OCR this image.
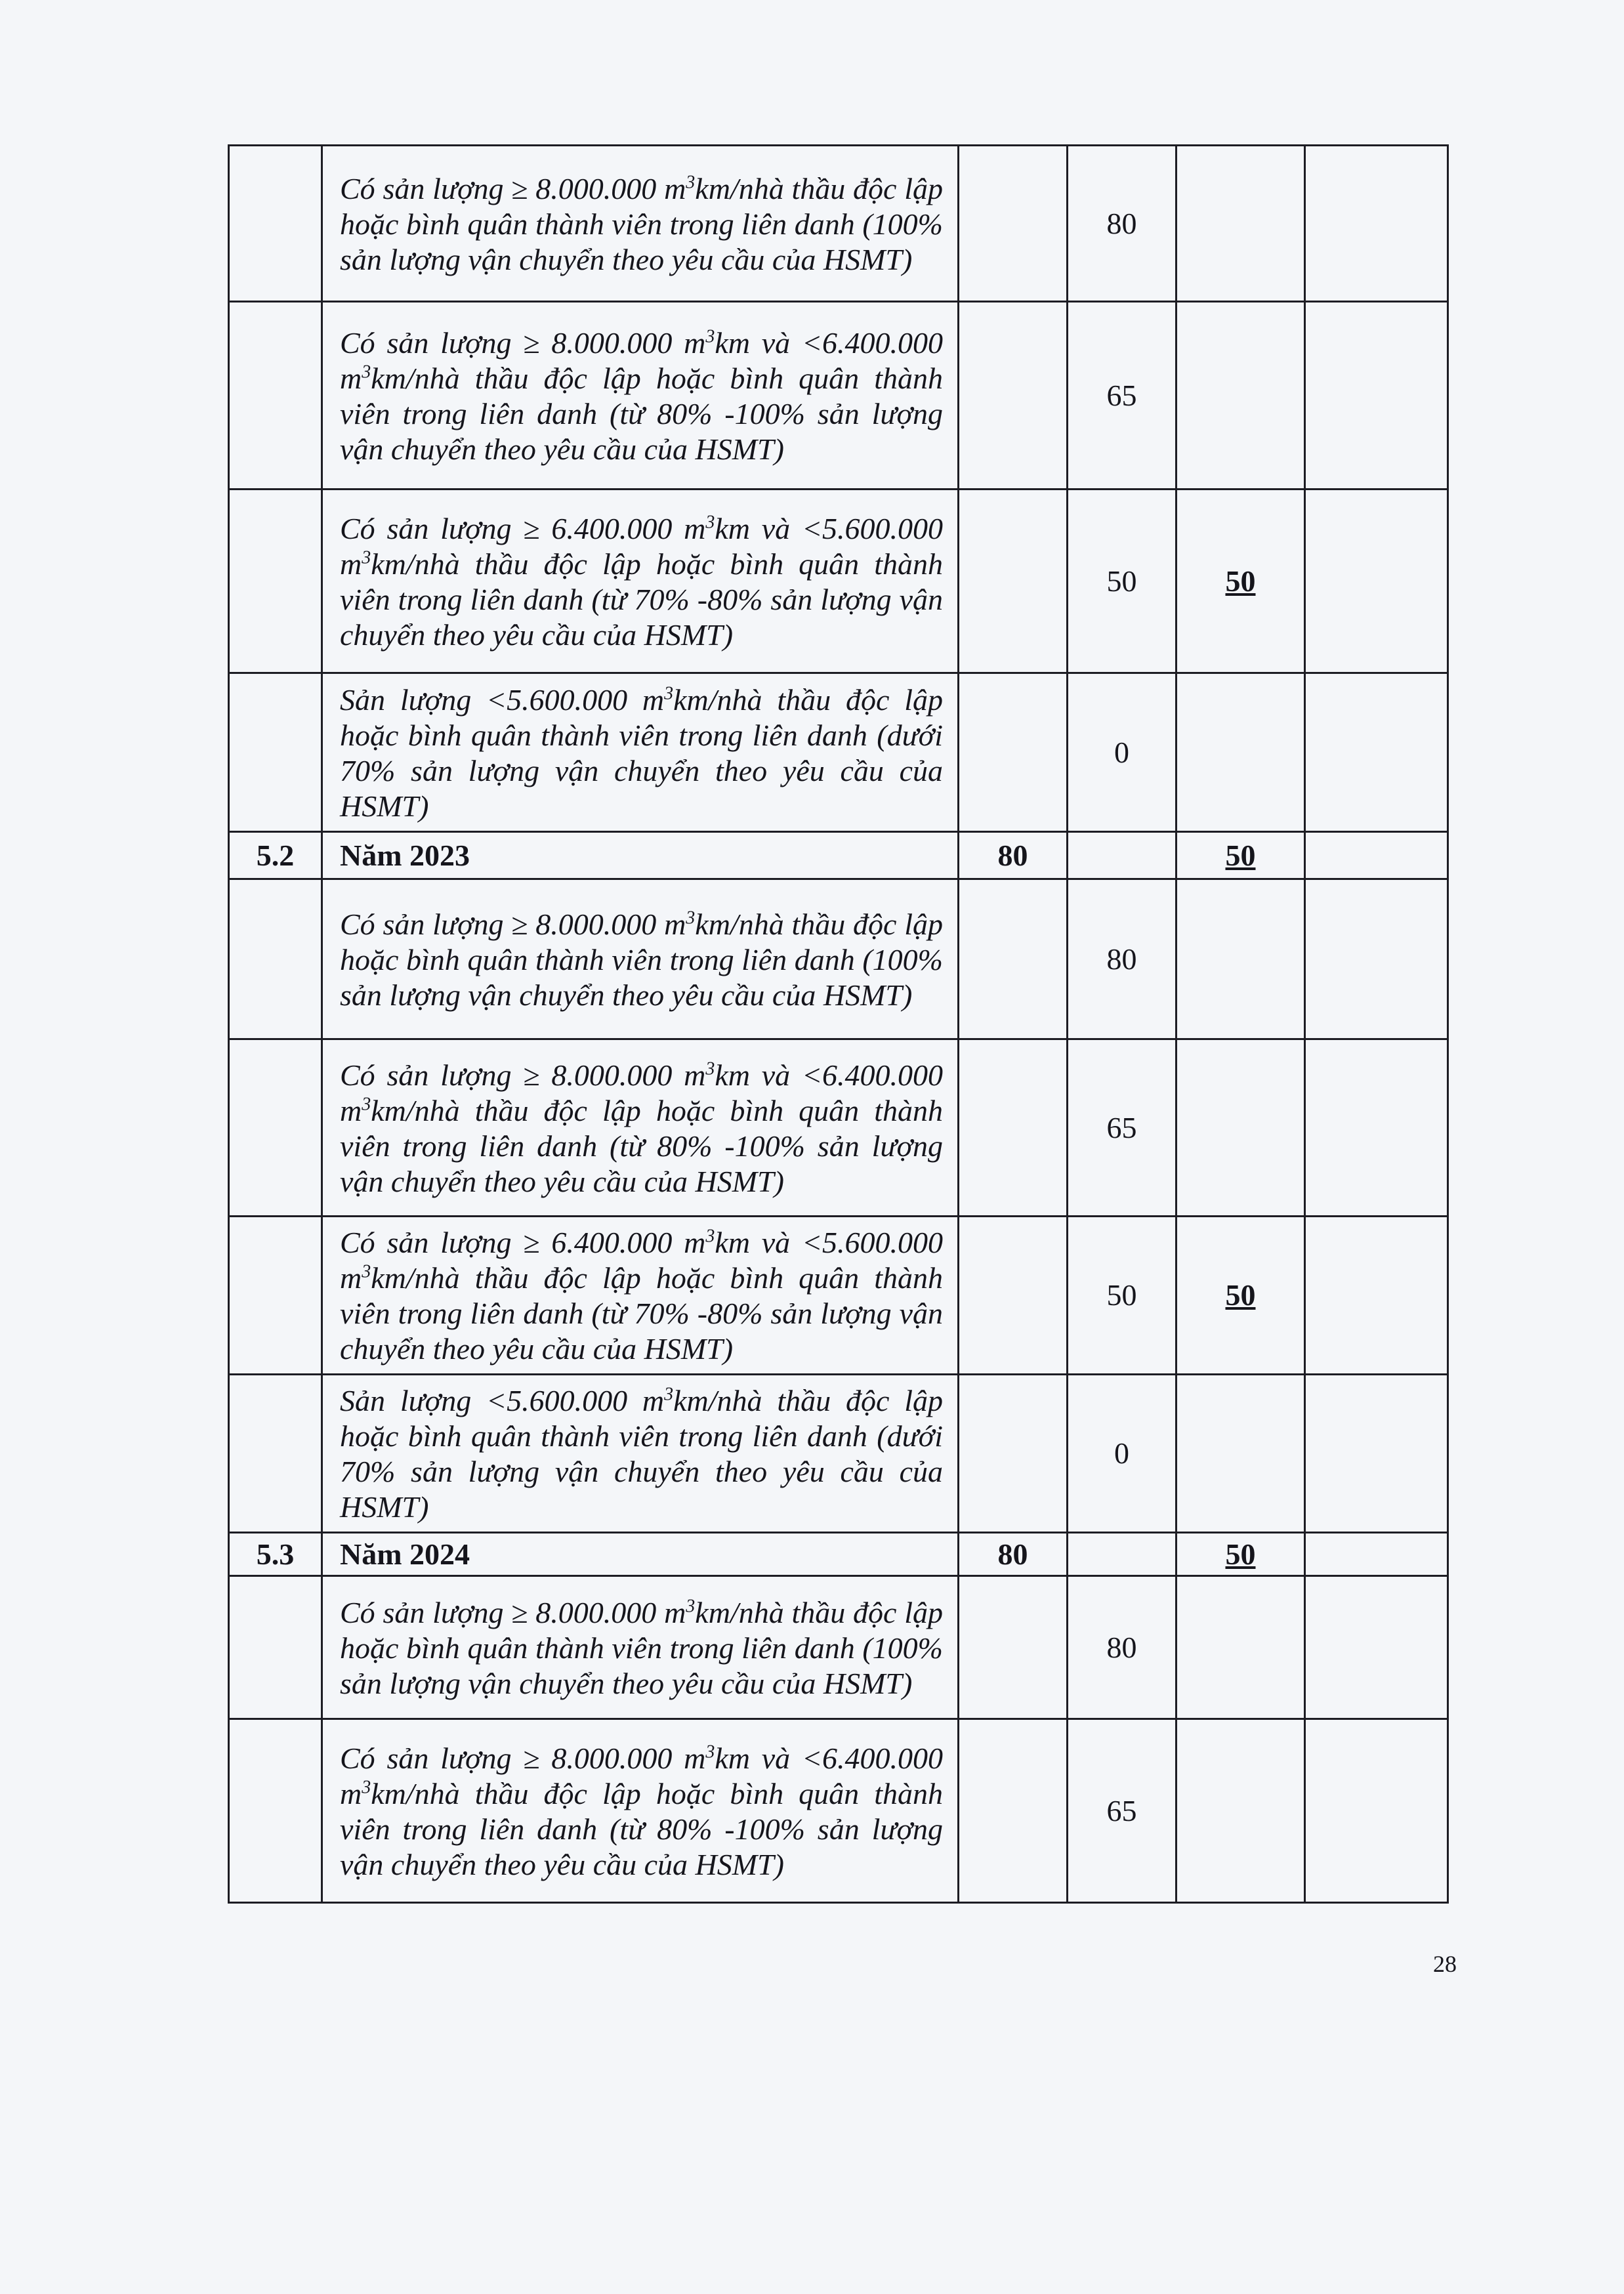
	Có sản lượng ≥ 8.000.000 $m^3km$/nhà thầu độc lập hoặc bình quân thành viên trong liên danh (100% sản lượng vận chuyển theo yêu cầu của HSMT)		80		
	Có sản lượng ≥ 8.000.000 $m^3km$ và <6.400.000 $m^3km$/nhà thầu độc lập hoặc bình quân thành viên trong liên danh (từ 80% -100% sản lượng vận chuyển theo yêu cầu của HSMT)		65		
	Có sản lượng ≥ 6.400.000 $m^3km$ và <5.600.000 $m^3km$/nhà thầu độc lập hoặc bình quân thành viên trong liên danh (từ 70% -80% sản lượng vận chuyển theo yêu cầu của HSMT)		50	50	
	Sản lượng <5.600.000 $m^3km$/nhà thầu độc lập hoặc bình quân thành viên trong liên danh (dưới 70% sản lượng vận chuyển theo yêu cầu của HSMT)		0		
5.2	Năm 2023	80		50	
	Có sản lượng ≥ 8.000.000 $m^3km$/nhà thầu độc lập hoặc bình quân thành viên trong liên danh (100% sản lượng vận chuyển theo yêu cầu của HSMT)		80		
	Có sản lượng ≥ 8.000.000 $m^3km$ và <6.400.000 $m^3km$/nhà thầu độc lập hoặc bình quân thành viên trong liên danh (từ 80% -100% sản lượng vận chuyển theo yêu cầu của HSMT)		65		
	Có sản lượng ≥ 6.400.000 $m^3km$ và <5.600.000 $m^3km$/nhà thầu độc lập hoặc bình quân thành viên trong liên danh (từ 70% -80% sản lượng vận chuyển theo yêu cầu của HSMT)		50	50	
	Sản lượng <5.600.000 $m^3km$/nhà thầu độc lập hoặc bình quân thành viên trong liên danh (dưới 70% sản lượng vận chuyển theo yêu cầu của HSMT)		0		
5.3	Năm 2024	80		50	
	Có sản lượng ≥ 8.000.000 $m^3km$/nhà thầu độc lập hoặc bình quân thành viên trong liên danh (100% sản lượng vận chuyển theo yêu cầu của HSMT)		80		
	Có sản lượng ≥ 8.000.000 $m^3km$ và <6.400.000 $m^3km$/nhà thầu độc lập hoặc bình quân thành viên trong liên danh (từ 80% -100% sản lượng vận chuyển theo yêu cầu của HSMT)		65		
28
